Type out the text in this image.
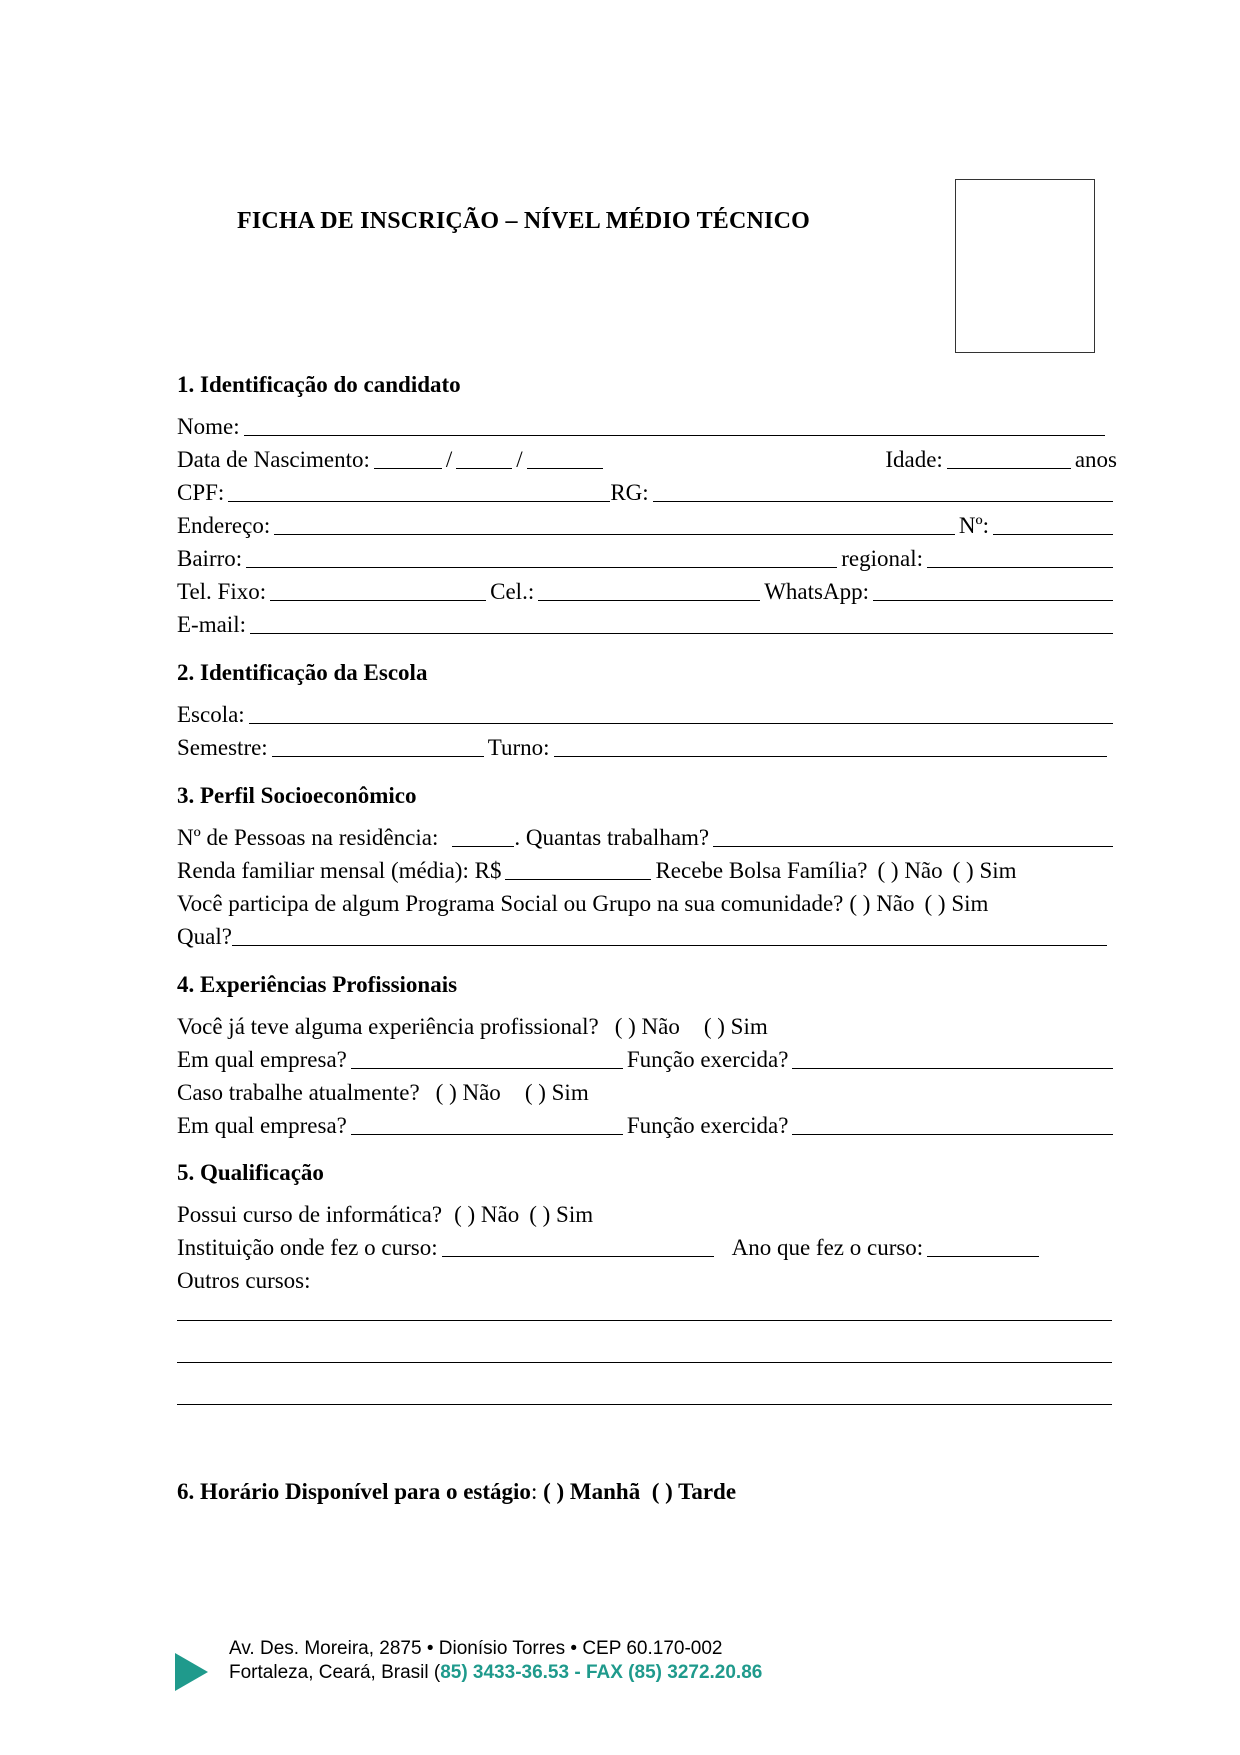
FICHA DE INSCRIÇÃO – NÍVEL MÉDIO TÉCNICO
1. Identificação do candidato
Nome:
Data de Nascimento:	/	/	Idade:	anos
CPF:	RG:
Endereço:	Nº:
Bairro:	regional:
Tel. Fixo:	Cel.:	WhatsApp:
E-mail:
2. Identificação da Escola
Escola:
Semestre:	Turno:
3. Perfil Socioeconômico
Nº de Pessoas na residência:	. Quantas trabalham?
Renda familiar mensal (média): R$	Recebe Bolsa Família? ( ) Não ( ) Sim
Você participa de algum Programa Social ou Grupo na sua comunidade? ( ) Não ( ) Sim
Qual?
4. Experiências Profissionais
Você já teve alguma experiência profissional? ( ) Não ( ) Sim
Em qual empresa?	Função exercida?
Caso trabalhe atualmente? ( ) Não ( ) Sim
Em qual empresa?	Função exercida?
5. Qualificação
Possui curso de informática? ( ) Não ( ) Sim
Instituição onde fez o curso:	Ano que fez o curso:
Outros cursos:
6. Horário Disponível para o estágio: ( ) Manhã ( ) Tarde
Av. Des. Moreira, 2875 • Dionísio Torres • CEP 60.170-002
Fortaleza, Ceará, Brasil (85) 3433-36.53 - FAX (85) 3272.20.86
